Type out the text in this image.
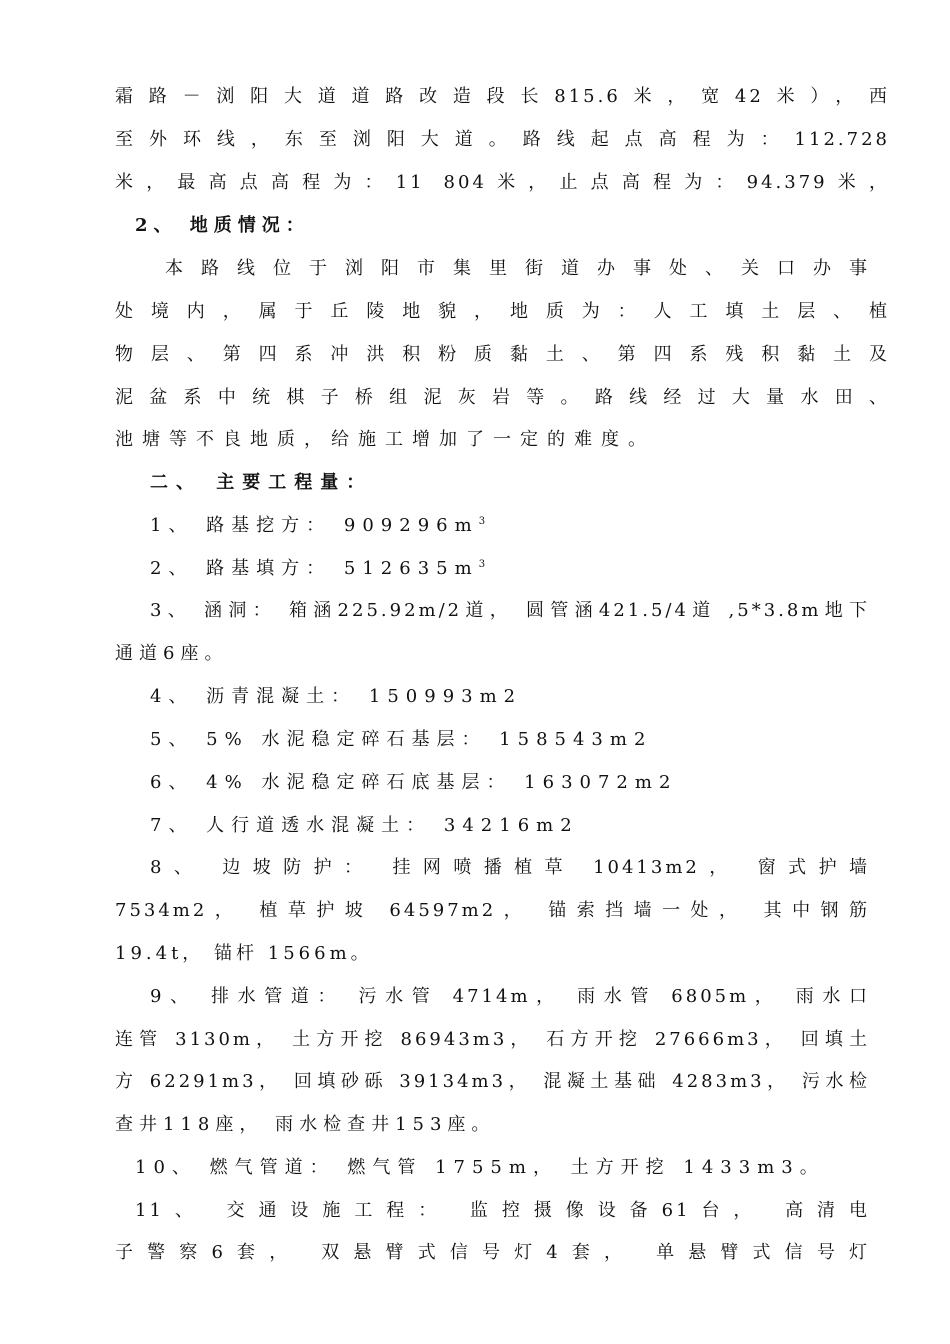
霜路－浏阳大道道路改造段长815.6米，宽42米），西
至外环线，东至浏阳大道。路线起点高程为：112.728
米，最高点高程为：11 804米，止点高程为：94.379米，
2、 地质情况：
本路线位于浏阳市集里街道办事处、关口办事
处境内，属于丘陵地貌，地质为：人工填土层、植
物层、第四系冲洪积粉质黏土、第四系残积黏土及
泥盆系中统棋子桥组泥灰岩等。路线经过大量水田、
池塘等不良地质，给施工增加了一定的难度。
二、 主要工程量：
1、 路基挖方： $909296m^3$
2、 路基填方： $512635m^3$
3、 涵洞： 箱涵225.92m/2道， 圆管涵421.5/4道 ,5*3.8m地下
通道6座。
4、 沥青混凝土： 150993m2
5、 5% 水泥稳定碎石基层： 158543m2
6、 4% 水泥稳定碎石底基层： 163072m2
7、 人行道透水混凝土： 34216m2
8、 边坡防护： 挂网喷播植草 10413m2， 窗式护墙
7534m2， 植草护坡 64597m2， 锚索挡墙一处， 其中钢筋
19.4t， 锚杆 1566m。
9、 排水管道： 污水管 4714m， 雨水管 6805m， 雨水口
连管 3130m， 土方开挖 86943m3， 石方开挖 27666m3， 回填土
方 62291m3， 回填砂砾 39134m3， 混凝土基础 4283m3， 污水检
查井118座， 雨水检查井153座。
10、 燃气管道： 燃气管 1755m， 土方开挖 1433m3。
11、 交通设施工程： 监控摄像设备61台， 高清电
子警察6套， 双悬臂式信号灯4套， 单悬臂式信号灯
